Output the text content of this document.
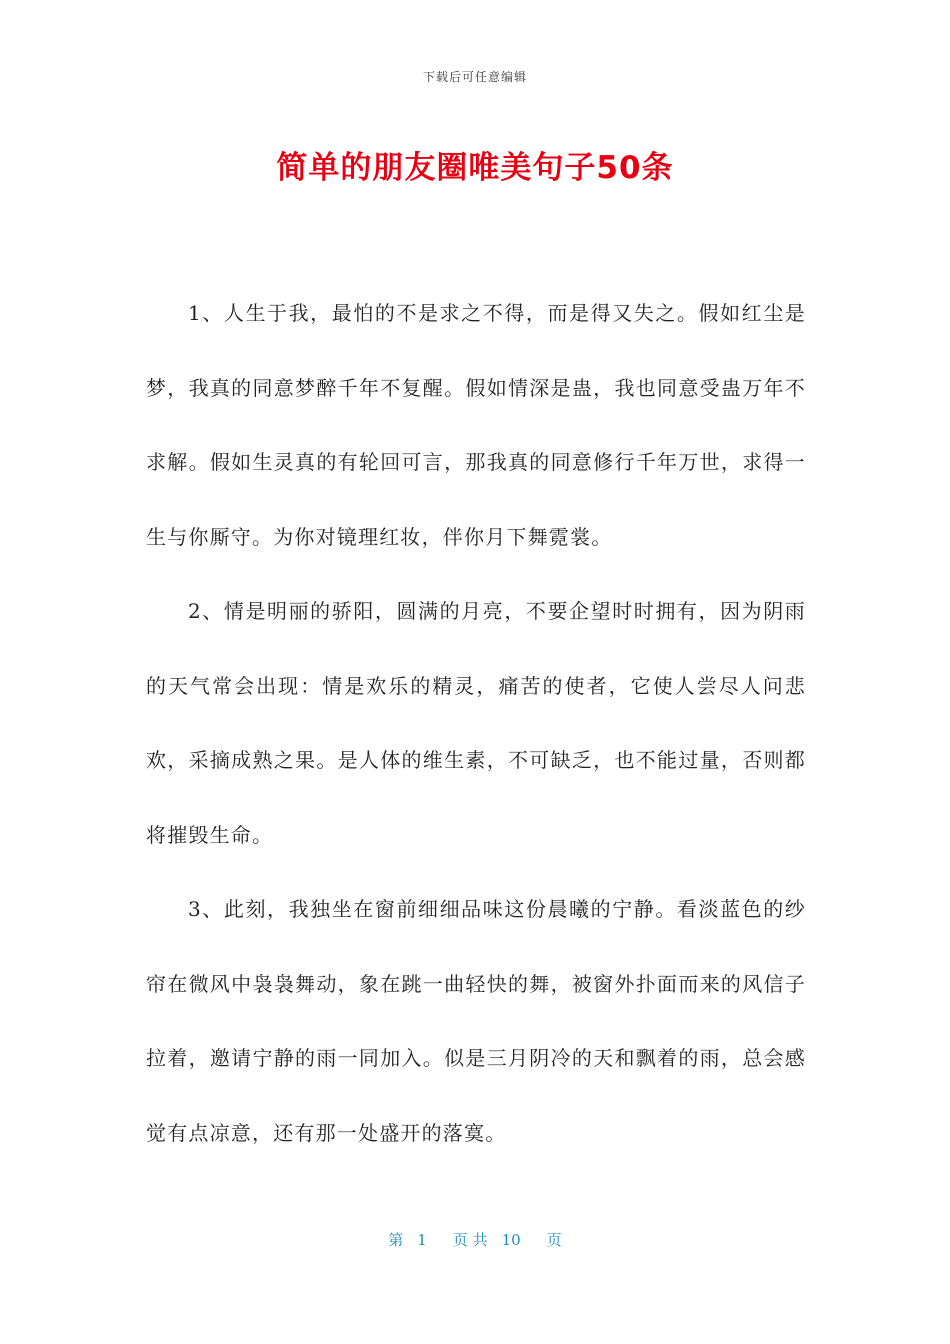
下载后可任意编辑
简单的朋友圈唯美句子50条

1、人生于我，最怕的不是求之不得，而是得又失之。假如红尘是梦，我真的同意梦醉千年不复醒。假如情深是蛊，我也同意受蛊万年不求解。假如生灵真的有轮回可言，那我真的同意修行千年万世，求得一生与你厮守。为你对镜理红妆，伴你月下舞霓裳。

2、情是明丽的骄阳，圆满的月亮，不要企望时时拥有，因为阴雨的天气常会出现：情是欢乐的精灵，痛苦的使者，它使人尝尽人问悲欢，采摘成熟之果。是人体的维生素，不可缺乏，也不能过量，否则都将摧毁生命。

3、此刻，我独坐在窗前细细品味这份晨曦的宁静。看淡蓝色的纱帘在微风中袅袅舞动，象在跳一曲轻快的舞，被窗外扑面而来的风信子拉着，邀请宁静的雨一同加入。似是三月阴冷的天和飘着的雨，总会感觉有点凉意，还有那一处盛开的落寞。

第 1 页 共 10 页
